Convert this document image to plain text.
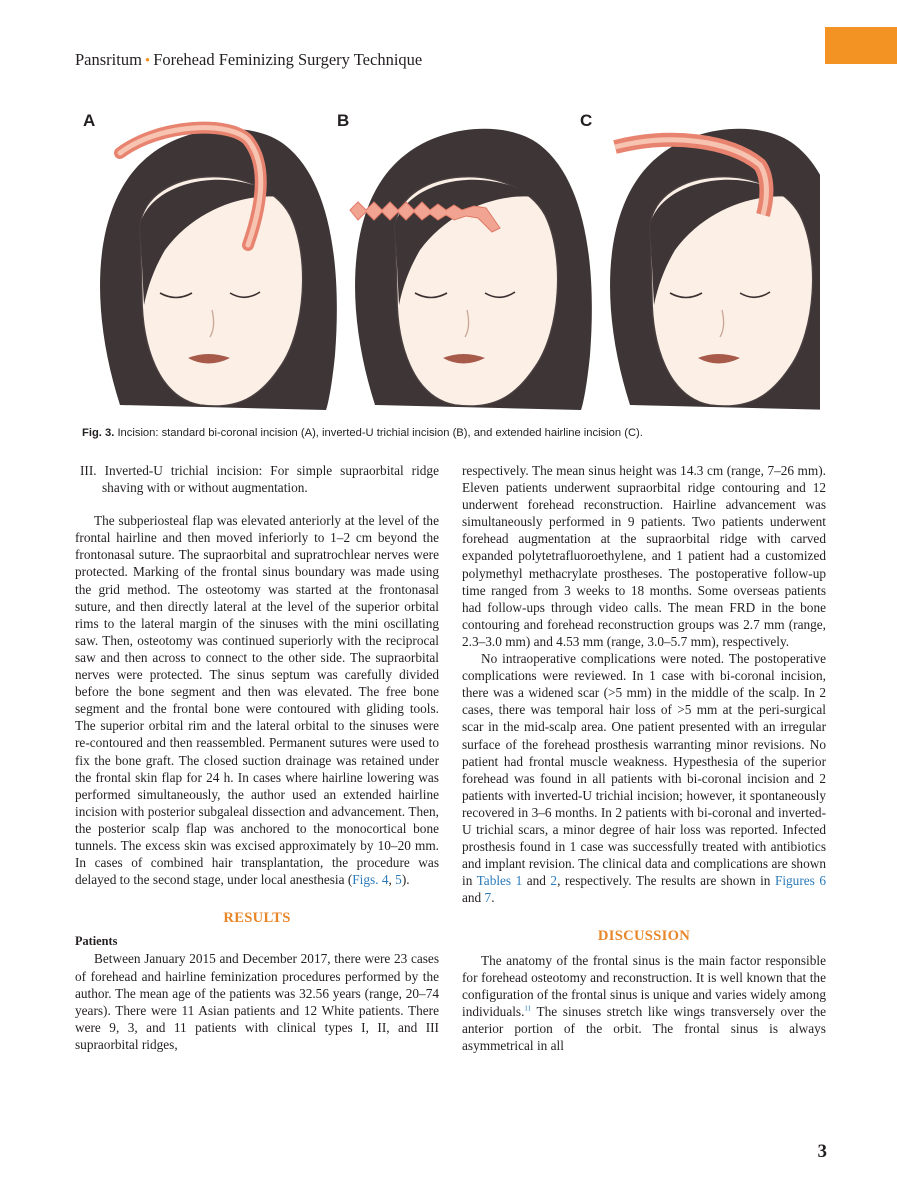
Pansritum • Forehead Feminizing Surgery Technique
A	B	C
Fig. 3. Incision: standard bi-coronal incision (A), inverted-U trichial incision (B), and extended hairline incision (C).

III. Inverted-U trichial incision: For simple supraorbital ridge shaving with or without augmentation.

The subperiosteal flap was elevated anteriorly at the level of the frontal hairline and then moved inferiorly to 1–2 cm beyond the frontonasal suture. The supraorbital and supratrochlear nerves were protected. Marking of the frontal sinus boundary was made using the grid method. The osteotomy was started at the frontonasal suture, and then directly lateral at the level of the superior orbital rims to the lateral margin of the sinuses with the mini oscillating saw. Then, osteotomy was continued superiorly with the reciprocal saw and then across to connect to the other side. The supraorbital nerves were protected. The sinus septum was carefully divided before the bone segment and then was elevated. The free bone segment and the frontal bone were contoured with gliding tools. The superior orbital rim and the lateral orbital to the sinuses were re-contoured and then reassembled. Permanent sutures were used to fix the bone graft. The closed suction drainage was retained under the frontal skin flap for 24 h. In cases where hairline lowering was performed simultaneously, the author used an extended hairline incision with posterior subgaleal dissection and advancement. Then, the posterior scalp flap was anchored to the monocortical bone tunnels. The excess skin was excised approximately by 10–20 mm. In cases of combined hair transplantation, the procedure was delayed to the second stage, under local anesthesia (Figs. 4, 5).

RESULTS

Patients

Between January 2015 and December 2017, there were 23 cases of forehead and hairline feminization procedures performed by the author. The mean age of the patients was 32.56 years (range, 20–74 years). There were 11 Asian patients and 12 White patients. There were 9, 3, and 11 patients with clinical types I, II, and III supraorbital ridges,

respectively. The mean sinus height was 14.3 cm (range, 7–26 mm). Eleven patients underwent supraorbital ridge contouring and 12 underwent forehead reconstruction. Hairline advancement was simultaneously performed in 9 patients. Two patients underwent forehead augmentation at the supraorbital ridge with carved expanded polytetrafluoroethylene, and 1 patient had a customized polymethyl methacrylate prostheses. The postoperative follow-up time ranged from 3 weeks to 18 months. Some overseas patients had follow-ups through video calls. The mean FRD in the bone contouring and forehead reconstruction groups was 2.7 mm (range, 2.3–3.0 mm) and 4.53 mm (range, 3.0–5.7 mm), respectively.

No intraoperative complications were noted. The postoperative complications were reviewed. In 1 case with bi-coronal incision, there was a widened scar (>5 mm) in the middle of the scalp. In 2 cases, there was temporal hair loss of >5 mm at the peri-surgical scar in the mid-scalp area. One patient presented with an irregular surface of the forehead prosthesis warranting minor revisions. No patient had frontal muscle weakness. Hypesthesia of the superior forehead was found in all patients with bi-coronal incision and 2 patients with inverted-U trichial incision; however, it spontaneously recovered in 3–6 months. In 2 patients with bi-coronal and inverted-U trichial scars, a minor degree of hair loss was reported. Infected prosthesis found in 1 case was successfully treated with antibiotics and implant revision. The clinical data and complications are shown in Tables 1 and 2, respectively. The results are shown in Figures 6 and 7.

DISCUSSION

The anatomy of the frontal sinus is the main factor responsible for forehead osteotomy and reconstruction. It is well known that the configuration of the frontal sinus is unique and varies widely among individuals.$^{11}$ The sinuses stretch like wings transversely over the anterior portion of the orbit. The frontal sinus is always asymmetrical in all

3
